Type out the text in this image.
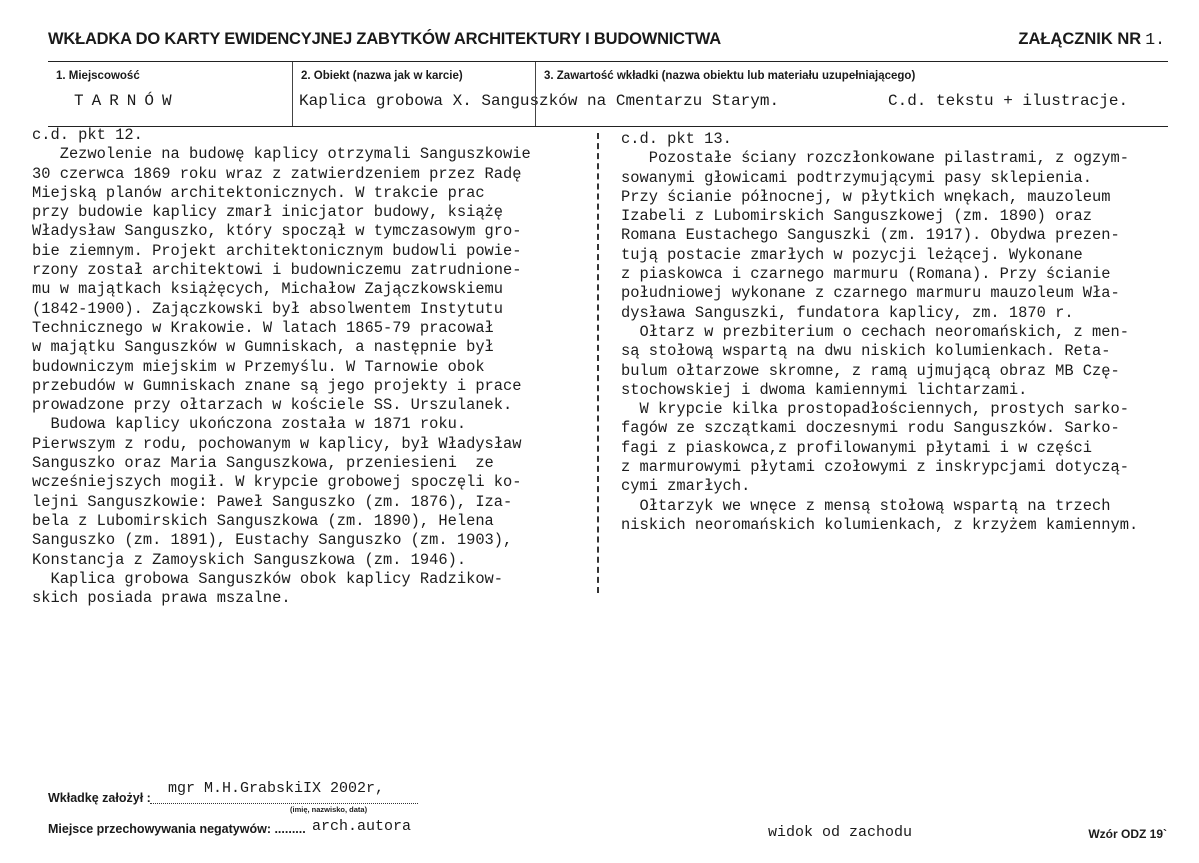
WKŁADKA DO KARTY EWIDENCYJNEJ ZABYTKÓW ARCHITEKTURY I BUDOWNICTWA	ZAŁĄCZNIK NR 1.
1. Miejscowość
TARNÓW
2. Obiekt (nazwa jak w karcie)
Kaplica grobowa X. Sanguszków na Cmentarzu Starym.
3. Zawartość wkładki (nazwa obiektu lub materiału uzupełniającego)
C.d. tekstu + ilustracje.
c.d. pkt 12.
Zezwolenie na budowę kaplicy otrzymali Sanguszkowie
30 czerwca 1869 roku wraz z zatwierdzeniem przez Radę
Miejską planów architektonicznych. W trakcie prac
przy budowie kaplicy zmarł inicjator budowy, książę
Władysław Sanguszko, który spoczął w tymczasowym gro-
bie ziemnym. Projekt architektonicznym budowli powie-
rzony został architektowi i budowniczemu zatrudnione-
mu w majątkach książęcych, Michałow Zajączkowskiemu
(1842-1900). Zajączkowski był absolwentem Instytutu
Technicznego w Krakowie. W latach 1865-79 pracował
w majątku Sanguszków w Gumniskach, a następnie był
budowniczym miejskim w Przemyślu. W Tarnowie obok
przebudów w Gumniskach znane są jego projekty i prace
prowadzone przy ołtarzach w kościele SS. Urszulanek.
Budowa kaplicy ukończona została w 1871 roku.
Pierwszym z rodu, pochowanym w kaplicy, był Władysław
Sanguszko oraz Maria Sanguszkowa, przeniesieni  ze
wcześniejszych mogił. W krypcie grobowej spoczęli ko-
lejni Sanguszkowie: Paweł Sanguszko (zm. 1876), Iza-
bela z Lubomirskich Sanguszkowa (zm. 1890), Helena
Sanguszko (zm. 1891), Eustachy Sanguszko (zm. 1903),
Konstancja z Zamoyskich Sanguszkowa (zm. 1946).
Kaplica grobowa Sanguszków obok kaplicy Radzikow-
skich posiada prawa mszalne.
c.d. pkt 13.
Pozostałe ściany rozczłonkowane pilastrami, z ogzym-
sowanymi głowicami podtrzymującymi pasy sklepienia.
Przy ścianie północnej, w płytkich wnękach, mauzoleum
Izabeli z Lubomirskich Sanguszkowej (zm. 1890) oraz
Romana Eustachego Sanguszki (zm. 1917). Obydwa prezen-
tują postacie zmarłych w pozycji leżącej. Wykonane
z piaskowca i czarnego marmuru (Romana). Przy ścianie
południowej wykonane z czarnego marmuru mauzoleum Wła-
dysława Sanguszki, fundatora kaplicy, zm. 1870 r.
Ołtarz w prezbiterium o cechach neoromańskich, z men-
są stołową wspartą na dwu niskich kolumienkach. Reta-
bulum ołtarzowe skromne, z ramą ujmującą obraz MB Czę-
stochowskiej i dwoma kamiennymi lichtarzami.
W krypcie kilka prostopadłościennych, prostych sarko-
fagów ze szczątkami doczesnymi rodu Sanguszków. Sarko-
fagi z piaskowca,z profilowanymi płytami i w części
z marmurowymi płytami czołowymi z inskrypcjami dotyczą-
cymi zmarłych.
Ołtarzyk we wnęce z mensą stołową wspartą na trzech
niskich neoromańskich kolumienkach, z krzyżem kamiennym.
Wkładkę założył :
mgr M.H.GrabskiIX 2002r,
(imię, nazwisko, data)
Miejsce przechowywania negatywów: ......... arch.autora	widok od zachodu	Wzór ODZ 19`
